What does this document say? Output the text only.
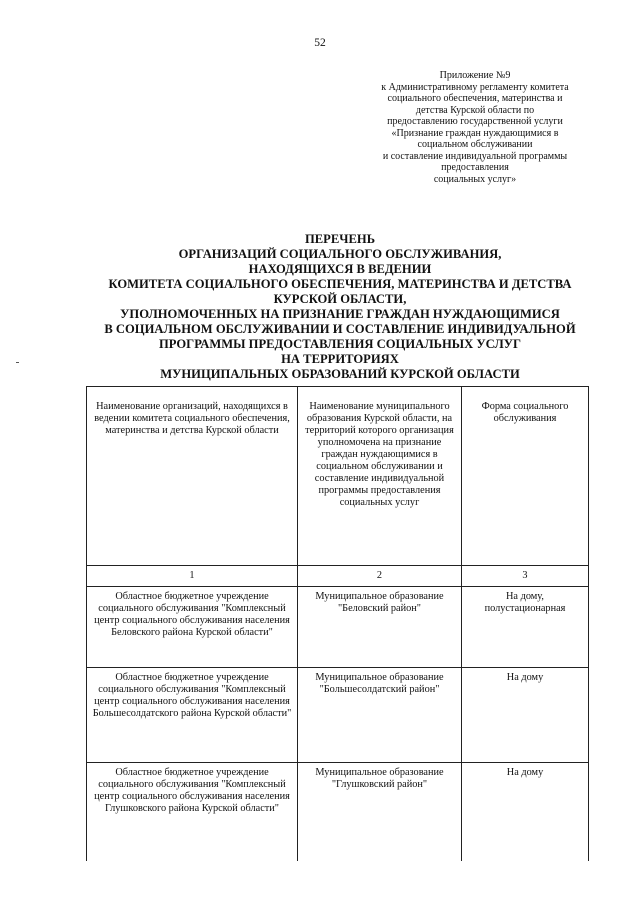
52
Приложение №9
к Административному регламенту комитета
социального обеспечения, материнства и
детства Курской области по
предоставлению государственной услуги
«Признание граждан нуждающимися в
социальном обслуживании
и составление индивидуальной программы
предоставления
социальных услуг»
ПЕРЕЧЕНЬ
ОРГАНИЗАЦИЙ СОЦИАЛЬНОГО ОБСЛУЖИВАНИЯ,
НАХОДЯЩИХСЯ В ВЕДЕНИИ
КОМИТЕТА СОЦИАЛЬНОГО ОБЕСПЕЧЕНИЯ, МАТЕРИНСТВА И ДЕТСТВА
КУРСКОЙ ОБЛАСТИ,
УПОЛНОМОЧЕННЫХ НА ПРИЗНАНИЕ ГРАЖДАН НУЖДАЮЩИМИСЯ
В СОЦИАЛЬНОМ ОБСЛУЖИВАНИИ И СОСТАВЛЕНИЕ ИНДИВИДУАЛЬНОЙ
ПРОГРАММЫ ПРЕДОСТАВЛЕНИЯ СОЦИАЛЬНЫХ УСЛУГ
НА ТЕРРИТОРИЯХ
МУНИЦИПАЛЬНЫХ ОБРАЗОВАНИЙ КУРСКОЙ ОБЛАСТИ
Наименование организаций, находящихся в ведении комитета социального обеспечения, материнства и детства Курской области	Наименование муниципального образования Курской области, на территорий которого организация уполномочена на признание граждан нуждающимися в социальном обслуживании и составление индивидуальной программы предоставления социальных услуг	Форма социального обслуживания
1	2	3
Областное бюджетное учреждение социального обслуживания "Комплексный центр социального обслуживания населения Беловского района Курской области"	Муниципальное образование "Беловский район"	На дому, полустационарная
Областное бюджетное учреждение социального обслуживания "Комплексный центр социального обслуживания населения Большесолдатского района Курской области"	Муниципальное образование "Большесолдатский район"	На дому
Областное бюджетное учреждение социального обслуживания "Комплексный центр социального обслуживания населения Глушковского района Курской области"	Муниципальное образование "Глушковский район"	На дому
